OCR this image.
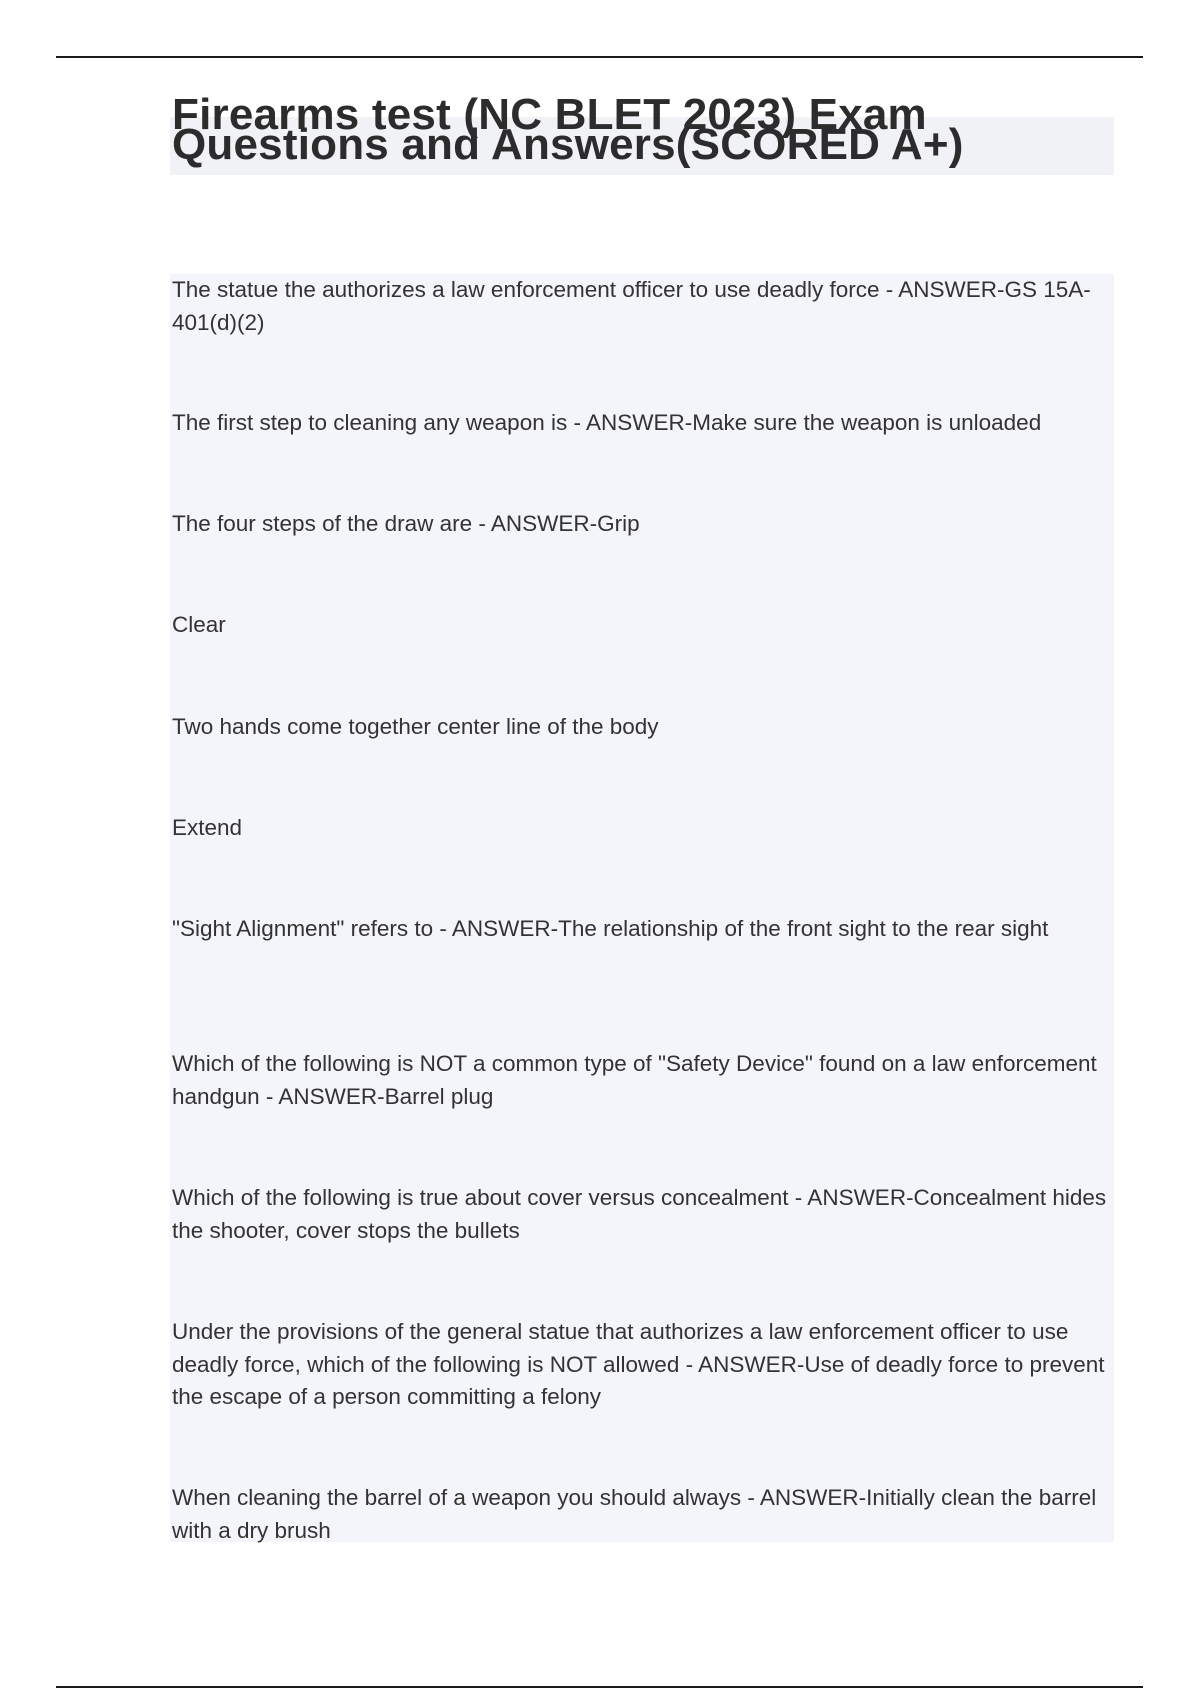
Firearms test (NC BLET 2023) Exam Questions and Answers(SCORED A+)

The statue the authorizes a law enforcement officer to use deadly force - ANSWER-GS 15A-401(d)(2)

The first step to cleaning any weapon is - ANSWER-Make sure the weapon is unloaded

The four steps of the draw are - ANSWER-Grip

Clear

Two hands come together center line of the body

Extend

"Sight Alignment" refers to - ANSWER-The relationship of the front sight to the rear sight

Which of the following is NOT a common type of "Safety Device" found on a law enforcement handgun - ANSWER-Barrel plug

Which of the following is true about cover versus concealment - ANSWER-Concealment hides the shooter, cover stops the bullets

Under the provisions of the general statue that authorizes a law enforcement officer to use deadly force, which of the following is NOT allowed - ANSWER-Use of deadly force to prevent the escape of a person committing a felony

When cleaning the barrel of a weapon you should always - ANSWER-Initially clean the barrel with a dry brush
